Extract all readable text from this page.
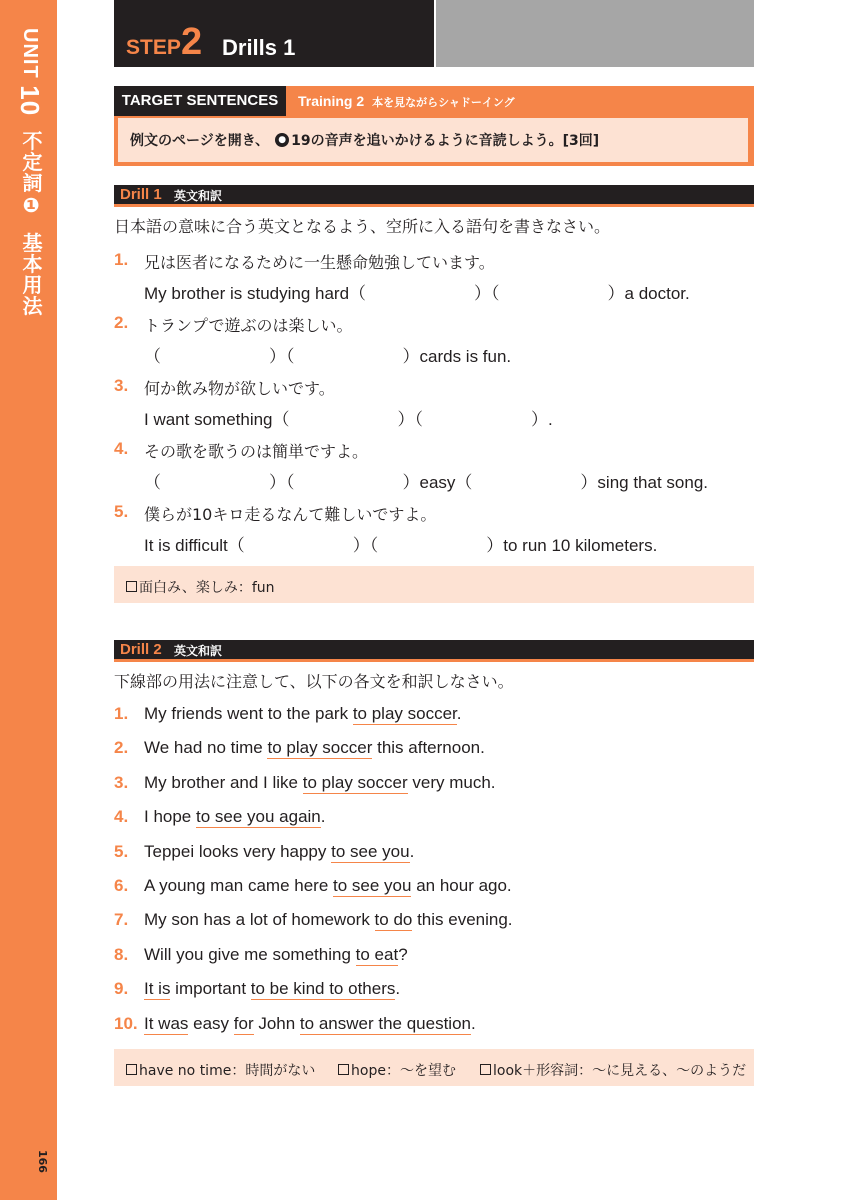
UNIT 10不定詞❶基本用法
166
STEP 2 Drills 1
TARGET SENTENCES	Training 2 本を見ながらシャドーイング
例文のページを開き、 ● 19の音声を追いかけるように音読しよう。[3回]
Drill 1 英文和訳
日本語の意味に合う英文となるよう、空所に入る語句を書きなさい。
1. 兄は医者になるために一生懸命勉強しています。
My brother is studying hard（	）（	）a doctor.
2. トランプで遊ぶのは楽しい。
（	）（	）cards is fun.
3. 何か飲み物が欲しいです。
I want something（	）（	）.
4. その歌を歌うのは簡単ですよ。
（	）（	）easy（	）sing that song.
5. 僕らが10キロ走るなんて難しいですよ。
It is difficult（	）（	）to run 10 kilometers.
面白み、楽しみ：fun
Drill 2 英文和訳
下線部の用法に注意して、以下の各文を和訳しなさい。
1. My friends went to the park to play soccer.
2. We had no time to play soccer this afternoon.
3. My brother and I like to play soccer very much.
4. I hope to see you again.
5. Teppei looks very happy to see you.
6. A young man came here to see you an hour ago.
7. My son has a lot of homework to do this evening.
8. Will you give me something to eat?
9. It is important to be kind to others.
10. It was easy for John to answer the question.
have no time：時間がない	hope：～を望む	look＋形容詞：～に見える、～のようだ
